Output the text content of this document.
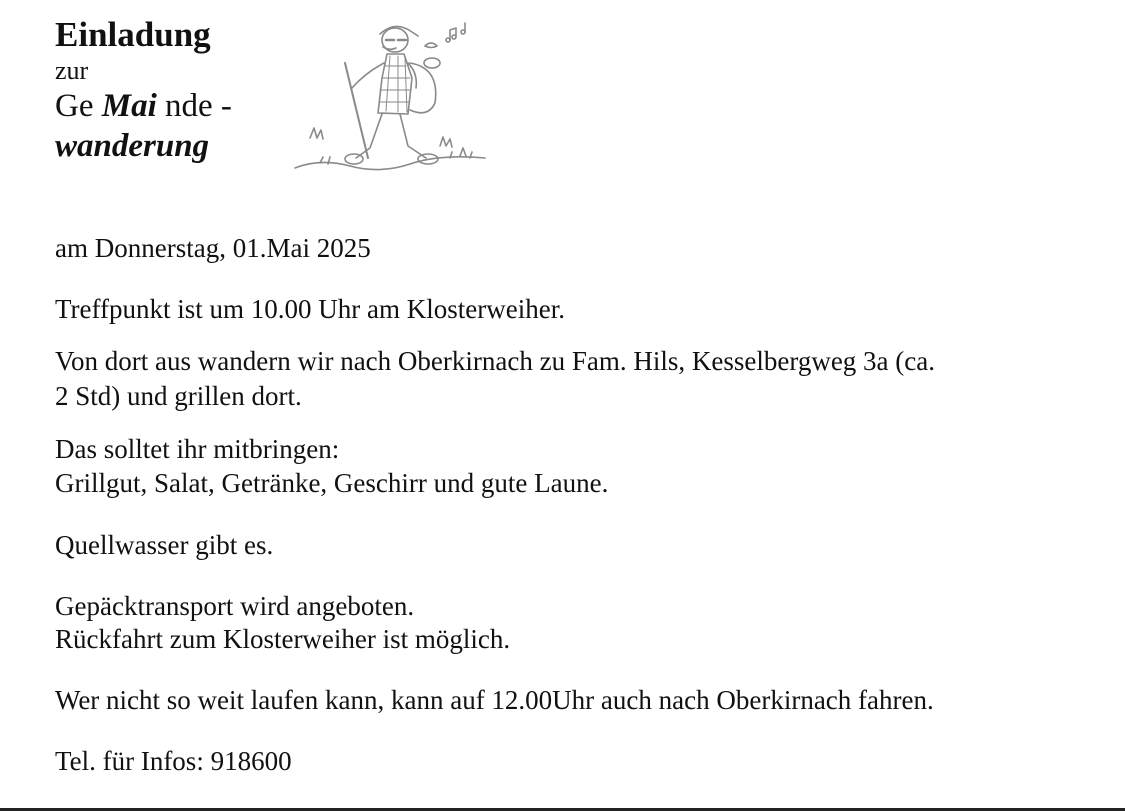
Einladung

zur

Ge Mai nde -

wanderung

am Donnerstag, 01.Mai 2025

Treffpunkt ist um 10.00 Uhr am Klosterweiher.

Von dort aus wandern wir nach Oberkirnach zu Fam. Hils, Kesselbergweg 3a (ca.

2 Std) und grillen dort.

Das solltet ihr mitbringen:

Grillgut, Salat, Getränke, Geschirr und gute Laune.

Quellwasser gibt es.

Gepäcktransport wird angeboten.

Rückfahrt zum Klosterweiher ist möglich.

Wer nicht so weit laufen kann, kann auf 12.00Uhr auch nach Oberkirnach fahren.

Tel. für Infos: 918600
